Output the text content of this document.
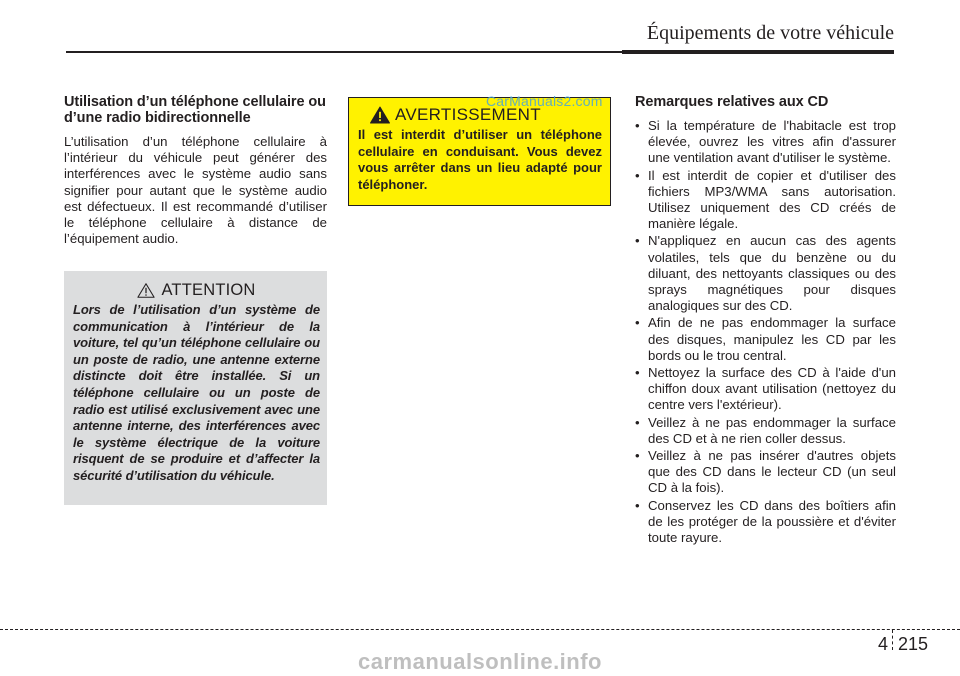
Équipements de votre véhicule
Utilisation d’un téléphone cellulaire ou d’une radio bidirectionnelle

L’utilisation d’un téléphone cellulaire à l’intérieur du véhicule peut générer des interférences avec le système audio sans signifier pour autant que le système audio est défectueux. Il est recommandé d’utiliser le téléphone cellulaire à distance de l’équipement audio.

ATTENTION

Lors de l’utilisation d’un système de communication à l’intérieur de la voiture, tel qu’un téléphone cellulaire ou un poste de radio, une antenne externe distincte doit être installée. Si un téléphone cellulaire ou un poste de radio est utilisé exclusivement avec une antenne interne, des interférences avec le système électrique de la voiture risquent de se produire et d’affecter la sécurité d’utilisation du véhicule.

AVERTISSEMENT

Il est interdit d’utiliser un téléphone cellulaire en conduisant. Vous devez vous arrêter dans un lieu adapté pour téléphoner.

CarManuals2.com Remarques relatives aux CD
• Si la température de l'habitacle est trop élevée, ouvrez les vitres afin d'assurer une ventilation avant d'utiliser le système.
• Il est interdit de copier et d'utiliser des fichiers MP3/WMA sans autorisation. Utilisez uniquement des CD créés de manière légale.
• N'appliquez en aucun cas des agents volatiles, tels que du benzène ou du diluant, des nettoyants classiques ou des sprays magnétiques pour disques analogiques sur des CD.
• Afin de ne pas endommager la surface des disques, manipulez les CD par les bords ou le trou central.
• Nettoyez la surface des CD à l'aide d'un chiffon doux avant utilisation (nettoyez du centre vers l'extérieur).
• Veillez à ne pas endommager la surface des CD et à ne rien coller dessus.
• Veillez à ne pas insérer d'autres objets que des CD dans le lecteur CD (un seul CD à la fois).
• Conservez les CD dans des boîtiers afin de les protéger de la poussière et d'éviter toute rayure.
4 215
carmanualsonline.info
